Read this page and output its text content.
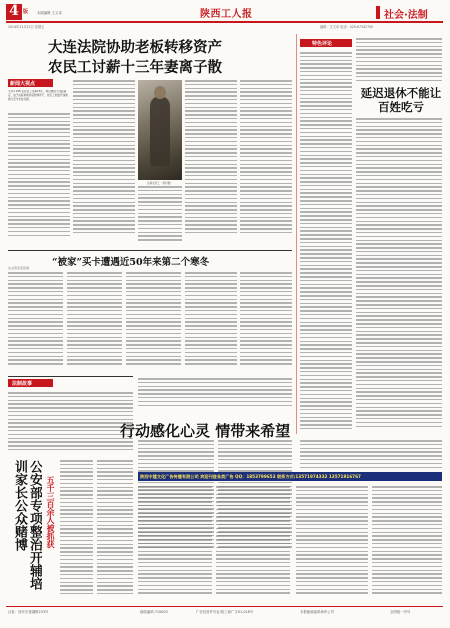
4 版	本版编辑 王文卓	陕西工人报	社会·法制
2014年11月21日 星期五	编辑：王文卓 电话：029-87342700
大连法院协助老板转移资产
农民工讨薪十三年妻离子散
新闻大视点
大连1 196 名农民工讨薪13年，他们被困于法院裁定，由于法院协助老板转移资产，农民工的血汗钱被拖欠至今未能兑现。
讨薪农民工（资料图）
特色评论
延迟退休不能让百姓吃亏
“被家”买卡遭遇近50年来第二个寒冬
生态营家安报道
法制故事
公安部专项整治开辅培训家长公众赌博	五千三百余人被抓获
行动感化心灵 情带来希望
陕西中建文化广告传播有限公司 欢迎刊登各类广告 QQ：1853799653 联系方式:13571974332 13571916767
社址：西安市莲湖路233号	邮政编码:710003	广告经营许可证:陕工商广字01-018号	本报邮政编码承印公司	全国统一刊号
